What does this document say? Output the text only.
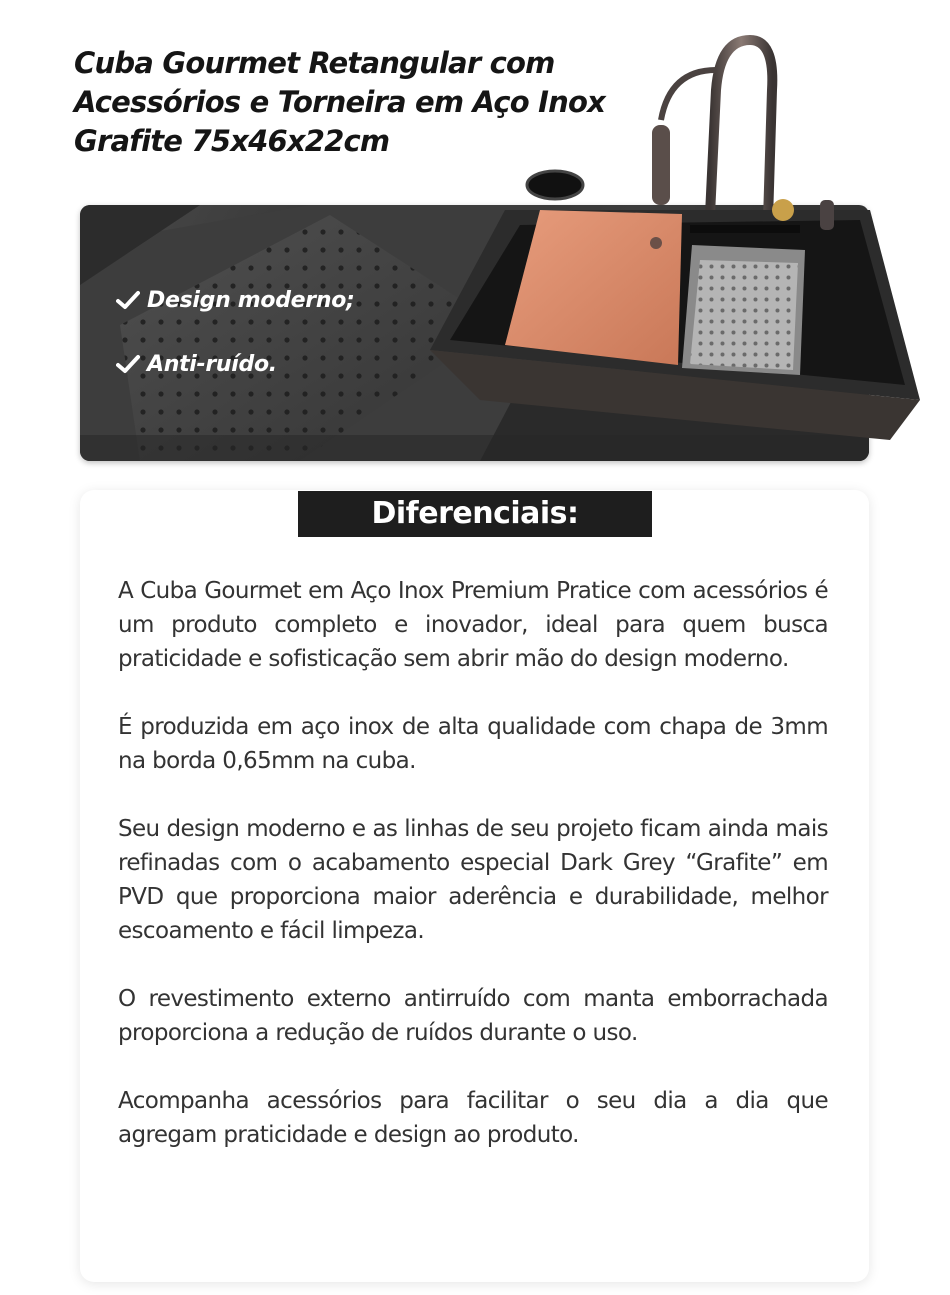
Cuba Gourmet Retangular com Acessórios e Torneira em Aço Inox Grafite 75x46x22cm
Design moderno;
Anti-ruído.
Diferenciais:

A Cuba Gourmet em Aço Inox Premium Pratice com acessórios é um produto completo e inovador, ideal para quem busca praticidade e sofisticação sem abrir mão do design moderno.

É produzida em aço inox de alta qualidade com chapa de 3mm na borda 0,65mm na cuba.

Seu design moderno e as linhas de seu projeto ficam ainda mais refinadas com o acabamento especial Dark Grey “Grafite” em PVD que proporciona maior aderência e durabilidade, melhor escoamento e fácil limpeza.

O revestimento externo antirruído com manta emborrachada proporciona a redução de ruídos durante o uso.

Acompanha acessórios para facilitar o seu dia a dia que agregam praticidade e design ao produto.
